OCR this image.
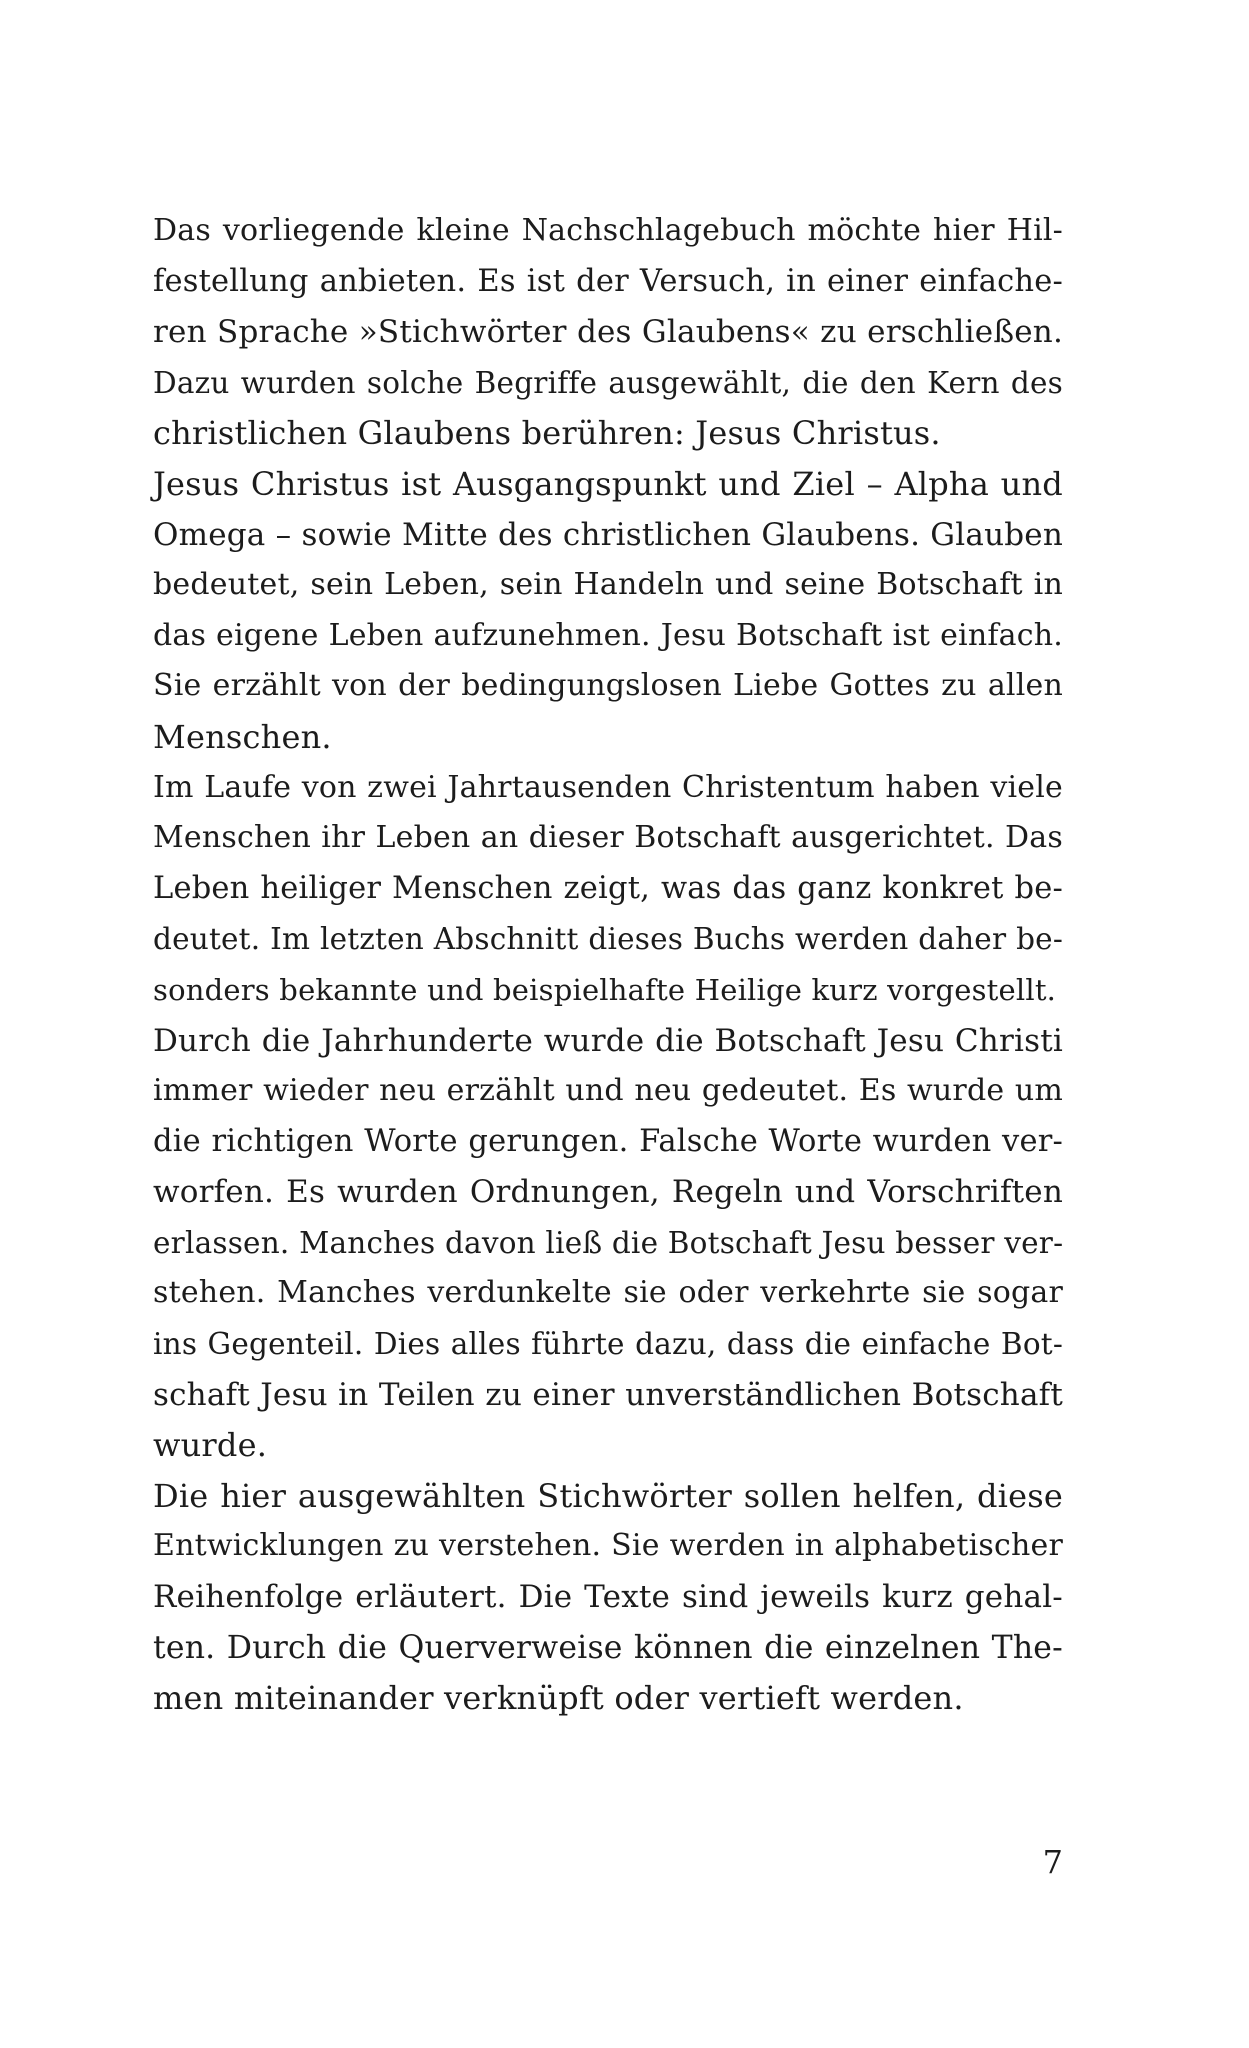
Das vorliegende kleine Nachschlagebuch möchte hier Hil-
festellung anbieten. Es ist der Versuch, in einer einfache-
ren Sprache »Stichwörter des Glaubens« zu erschließen.
Dazu wurden solche Begriffe ausgewählt, die den Kern des
christlichen Glaubens berühren: Jesus Christus.
Jesus Christus ist Ausgangspunkt und Ziel – Alpha und
Omega – sowie Mitte des christlichen Glaubens. Glauben
bedeutet, sein Leben, sein Handeln und seine Botschaft in
das eigene Leben aufzunehmen. Jesu Botschaft ist einfach.
Sie erzählt von der bedingungslosen Liebe Gottes zu allen
Menschen.
Im Laufe von zwei Jahrtausenden Christentum haben viele
Menschen ihr Leben an dieser Botschaft ausgerichtet. Das
Leben heiliger Menschen zeigt, was das ganz konkret be-
deutet. Im letzten Abschnitt dieses Buchs werden daher be-
sonders bekannte und beispielhafte Heilige kurz vorgestellt.
Durch die Jahrhunderte wurde die Botschaft Jesu Christi
immer wieder neu erzählt und neu gedeutet. Es wurde um
die richtigen Worte gerungen. Falsche Worte wurden ver-
worfen. Es wurden Ordnungen, Regeln und Vorschriften
erlassen. Manches davon ließ die Botschaft Jesu besser ver-
stehen. Manches verdunkelte sie oder verkehrte sie sogar
ins Gegenteil. Dies alles führte dazu, dass die einfache Bot-
schaft Jesu in Teilen zu einer unverständlichen Botschaft
wurde.
Die hier ausgewählten Stichwörter sollen helfen, diese
Entwicklungen zu verstehen. Sie werden in alphabetischer
Reihenfolge erläutert. Die Texte sind jeweils kurz gehal-
ten. Durch die Querverweise können die einzelnen The-
men miteinander verknüpft oder vertieft werden.
7
